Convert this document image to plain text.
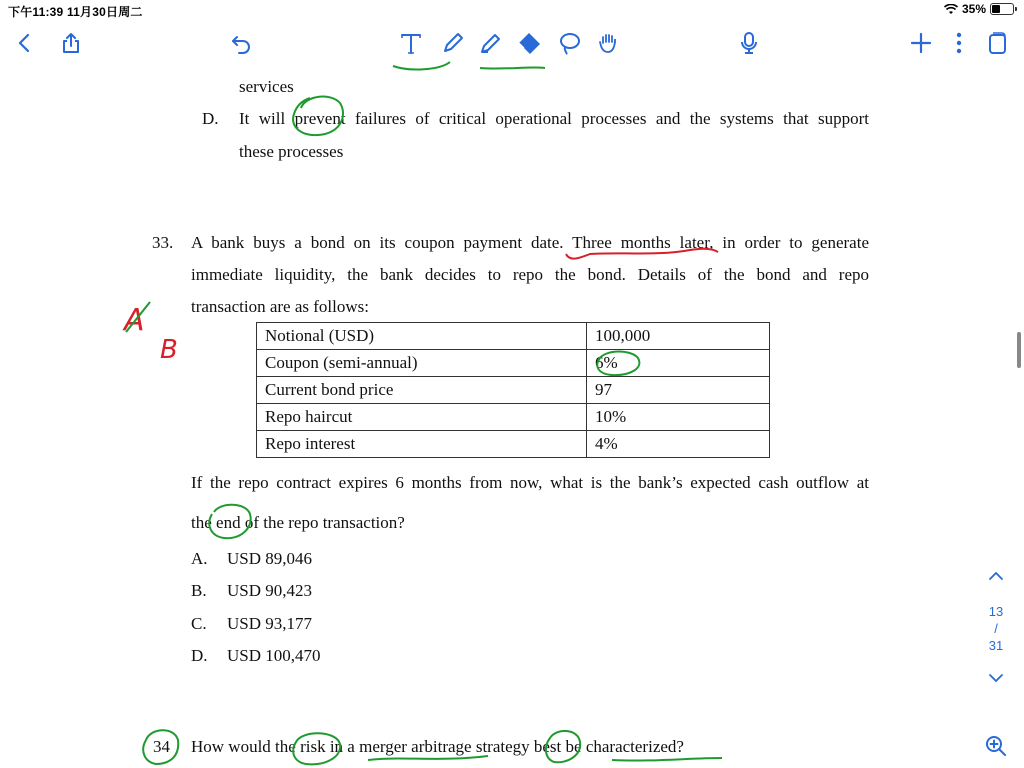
下午11:39 11月30日周二	35%
services
D. It will prevent failures of critical operational processes and the systems that support
these processes
33. A bank buys a bond on its coupon payment date. Three months later, in order to generate
immediate liquidity, the bank decides to repo the bond. Details of the bond and repo
transaction are as follows:
If the repo contract expires 6 months from now, what is the bank’s expected cash outflow at
the end of the repo transaction?
A. USD 89,046
B. USD 90,423
C. USD 93,177
D. USD 100,470
34 How would the risk in a merger arbitrage strategy best be characterized?
Notional (USD)	100,000
Coupon (semi-annual)	6%
Current bond price	97
Repo haircut	10%
Repo interest	4%
A
B
13
/
31
